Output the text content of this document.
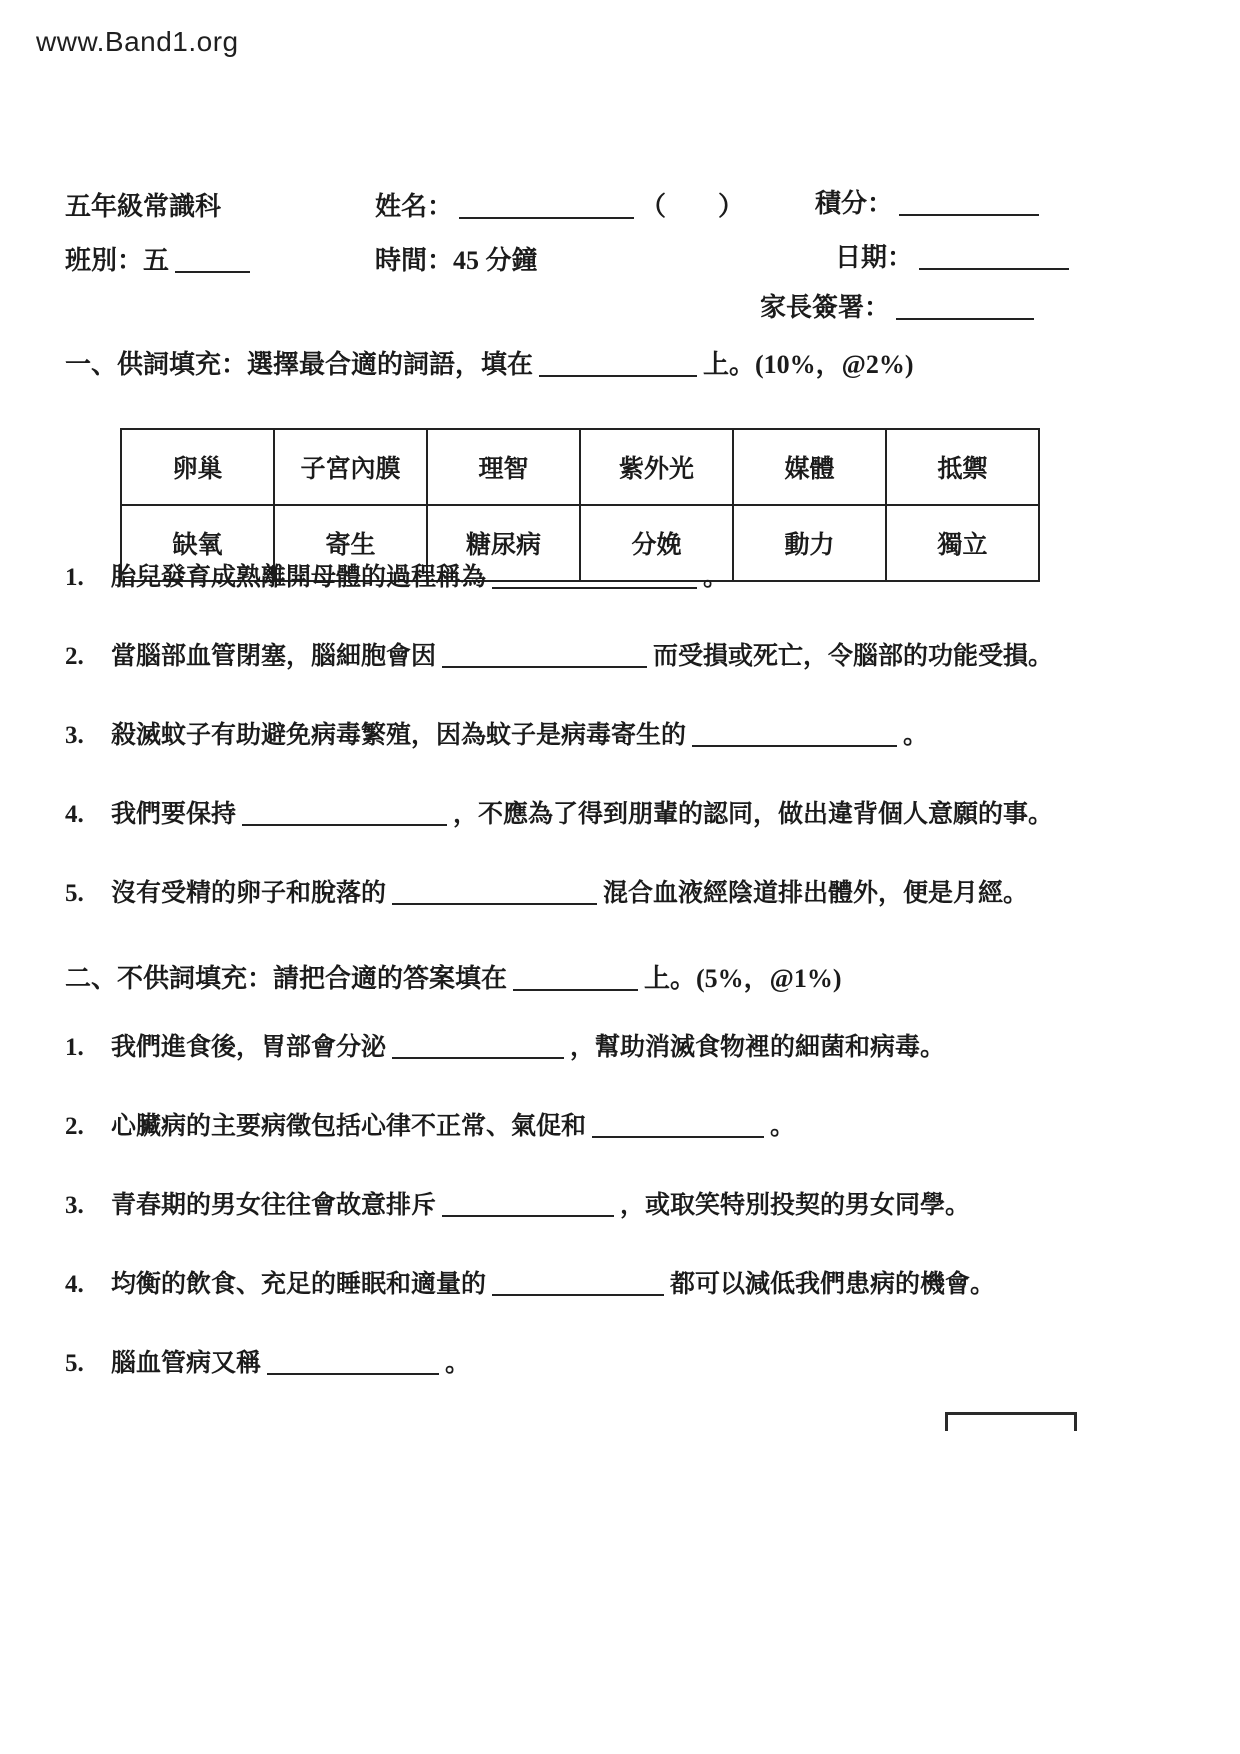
www.Band1.org
五年級常識科	姓名：	（　　）	積分：
班別：五	時間：45 分鐘	日期：
家長簽署：
一、供詞填充：選擇最合適的詞語，填在	上。(10%，@2%)
卵巢	子宮內膜	理智	紫外光	媒體	抵禦
缺氧	寄生	糖尿病	分娩	動力	獨立
1.	胎兒發育成熟離開母體的過程稱為	。
2.	當腦部血管閉塞，腦細胞會因	而受損或死亡，令腦部的功能受損。
3.	殺滅蚊子有助避免病毒繁殖，因為蚊子是病毒寄生的	。
4.	我們要保持	，不應為了得到朋輩的認同，做出違背個人意願的事。
5.	沒有受精的卵子和脫落的	混合血液經陰道排出體外，便是月經。
二、不供詞填充：請把合適的答案填在	上。(5%，@1%)
1.	我們進食後，胃部會分泌	，幫助消滅食物裡的細菌和病毒。
2.	心臟病的主要病徵包括心律不正常、氣促和	。
3.	青春期的男女往往會故意排斥	，或取笑特別投契的男女同學。
4.	均衡的飲食、充足的睡眠和適量的	都可以減低我們患病的機會。
5.	腦血管病又稱	。
